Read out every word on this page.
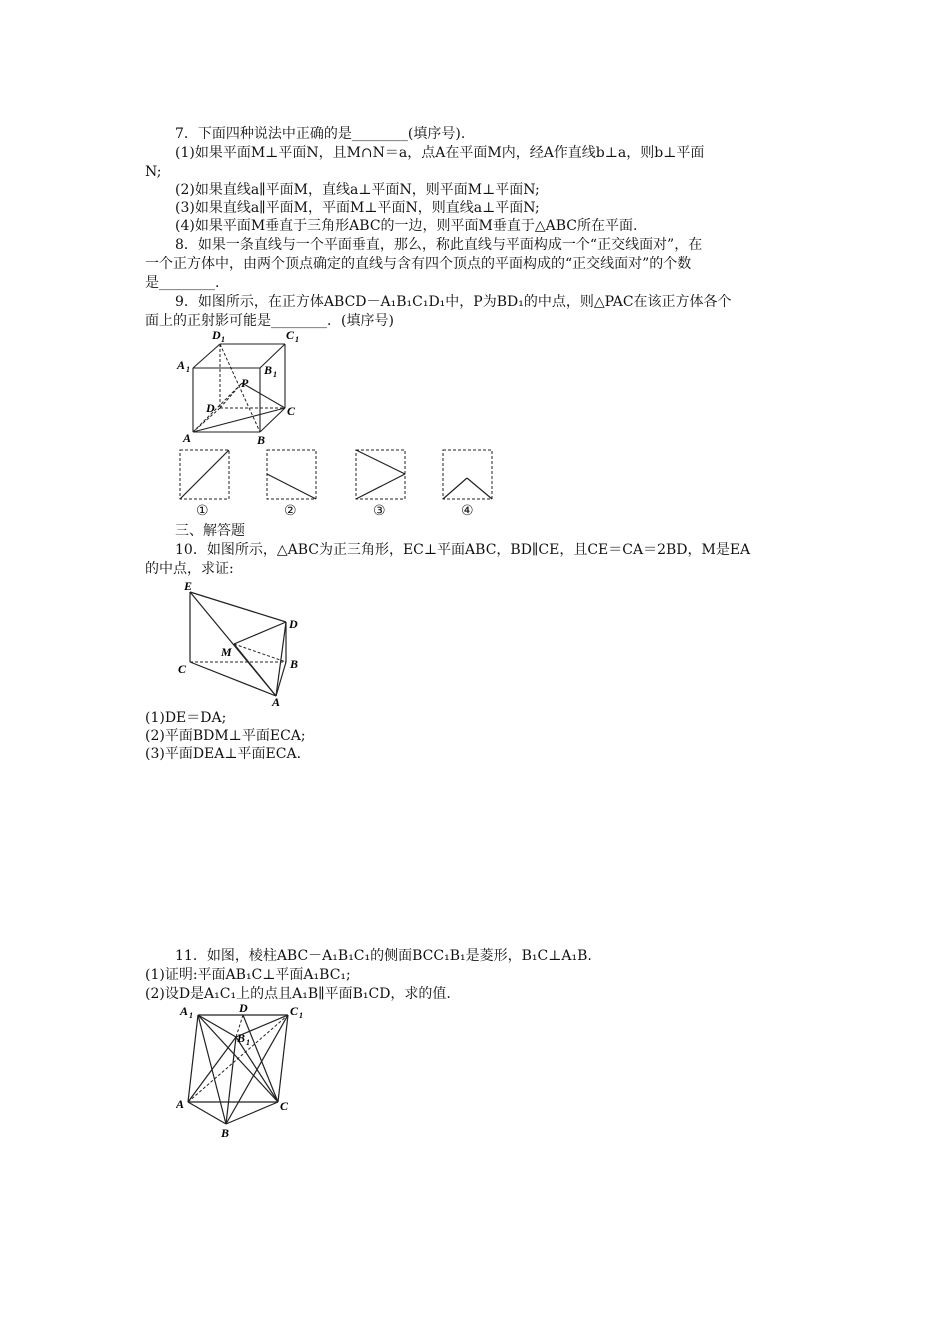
7．下面四种说法中正确的是________(填序号).
(1)如果平面M⊥平面N，且M∩N＝a，点A在平面M内，经A作直线b⊥a，则b⊥平面
N;
(2)如果直线a∥平面M，直线a⊥平面N，则平面M⊥平面N;
(3)如果直线a∥平面M，平面M⊥平面N，则直线a⊥平面N;
(4)如果平面M垂直于三角形ABC的一边，则平面M垂直于△ABC所在平面.
8．如果一条直线与一个平面垂直，那么，称此直线与平面构成一个“正交线面对”，在
一个正方体中，由两个顶点确定的直线与含有四个顶点的平面构成的“正交线面对”的个数
是________.
9．如图所示，在正方体ABCD－A₁B₁C₁D₁中，P为BD₁的中点，则△PAC在该正方体各个
面上的正射影可能是________．(填序号)
D 1	C 1
A 1	B 1
P
D	C
A	B
①	②	③	④
三、解答题
10．如图所示，△ABC为正三角形，EC⊥平面ABC，BD∥CE，且CE＝CA＝2BD，M是EA
的中点，求证:
E
D
M
B
C
A
(1)DE＝DA;
(2)平面BDM⊥平面ECA;
(3)平面DEA⊥平面ECA.
11．如图，棱柱ABC－A₁B₁C₁的侧面BCC₁B₁是菱形，B₁C⊥A₁B.
(1)证明:平面AB₁C⊥平面A₁BC₁;
(2)设D是A₁C₁上的点且A₁B∥平面B₁CD，求的值.
A 1
D	C 1
B 1
A	C
B
